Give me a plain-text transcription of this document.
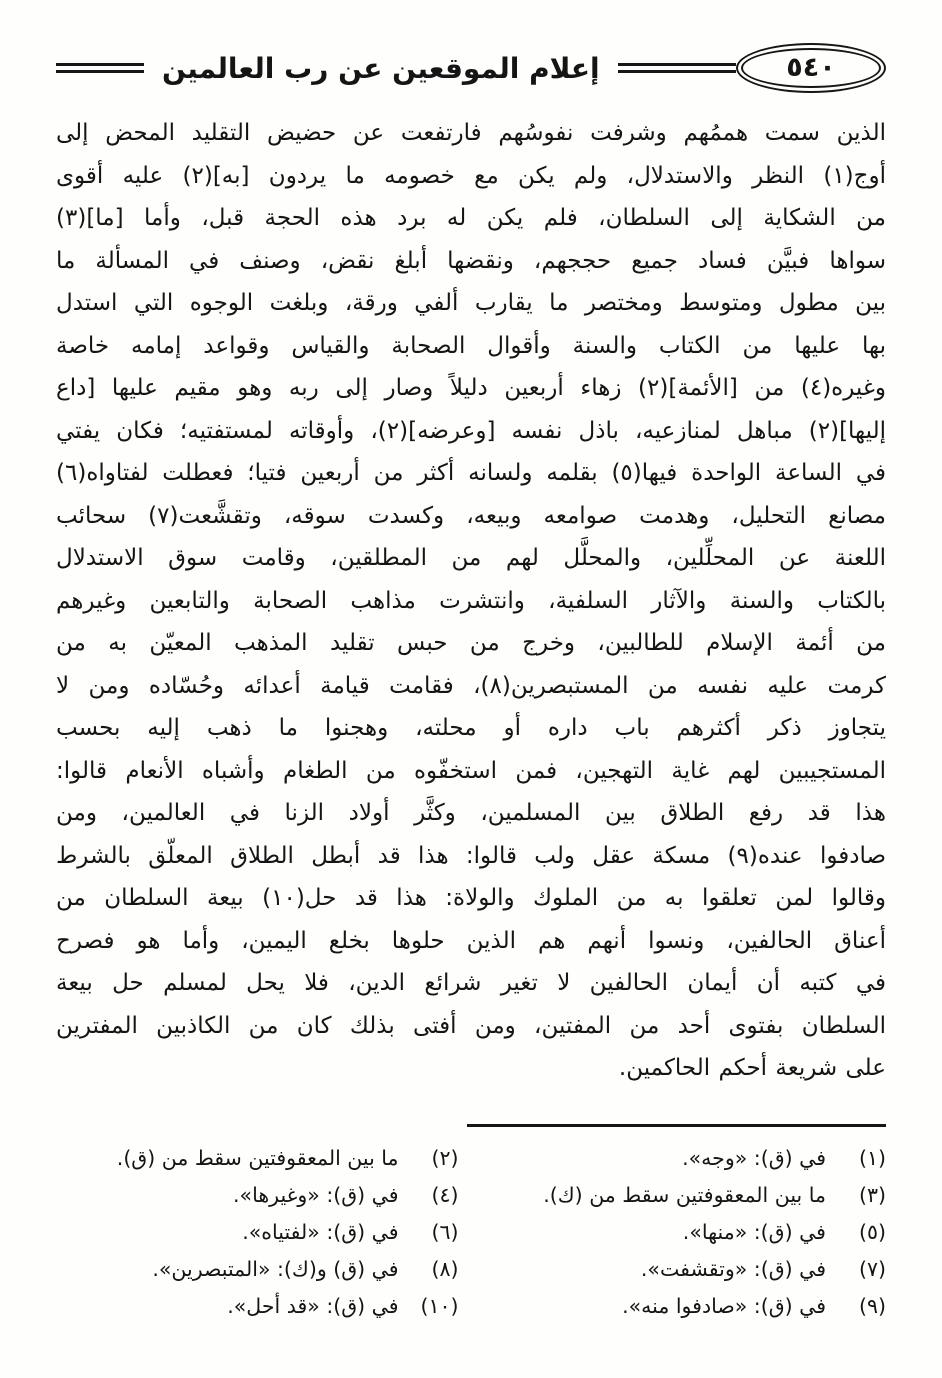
إعلام الموقعين عن رب العالمين	٥٤٠
الذين سمت هممُهم وشرفت نفوسُهم فارتفعت عن حضيض التقليد المحض إلى
أوج(١) النظر والاستدلال، ولم يكن مع خصومه ما يردون [به](٢) عليه أقوى
من الشكاية إلى السلطان، فلم يكن له برد هذه الحجة قبل، وأما [ما](٣)
سواها فبيَّن فساد جميع حججهم، ونقضها أبلغ نقض، وصنف في المسألة ما
بين مطول ومتوسط ومختصر ما يقارب ألفي ورقة، وبلغت الوجوه التي استدل
بها عليها من الكتاب والسنة وأقوال الصحابة والقياس وقواعد إمامه خاصة
وغيره(٤) من [الأئمة](٢) زهاء أربعين دليلاً وصار إلى ربه وهو مقيم عليها [داع
إليها](٢) مباهل لمنازعيه، باذل نفسه [وعرضه](٢)، وأوقاته لمستفتيه؛ فكان يفتي
في الساعة الواحدة فيها(٥) بقلمه ولسانه أكثر من أربعين فتيا؛ فعطلت لفتاواه(٦)
مصانع التحليل، وهدمت صوامعه وبيعه، وكسدت سوقه، وتقشَّعت(٧) سحائب
اللعنة عن المحلِّلين، والمحلَّل لهم من المطلقين، وقامت سوق الاستدلال
بالكتاب والسنة والآثار السلفية، وانتشرت مذاهب الصحابة والتابعين وغيرهم
من أئمة الإسلام للطالبين، وخرج من حبس تقليد المذهب المعيّن به من
كرمت عليه نفسه من المستبصرين(٨)، فقامت قيامة أعدائه وحُسّاده ومن لا
يتجاوز ذكر أكثرهم باب داره أو محلته، وهجنوا ما ذهب إليه بحسب
المستجيبين لهم غاية التهجين، فمن استخفّوه من الطغام وأشباه الأنعام قالوا:
هذا قد رفع الطلاق بين المسلمين، وكثَّر أولاد الزنا في العالمين، ومن
صادفوا عنده(٩) مسكة عقل ولب قالوا: هذا قد أبطل الطلاق المعلّق بالشرط
وقالوا لمن تعلقوا به من الملوك والولاة: هذا قد حل(١٠) بيعة السلطان من
أعناق الحالفين، ونسوا أنهم هم الذين حلوها بخلع اليمين، وأما هو فصرح
في كتبه أن أيمان الحالفين لا تغير شرائع الدين، فلا يحل لمسلم حل بيعة
السلطان بفتوى أحد من المفتين، ومن أفتى بذلك كان من الكاذبين المفترين
على شريعة أحكم الحاكمين.
(١)
في (ق): «وجه».
(٣)
ما بين المعقوفتين سقط من (ك).
(٥)
في (ق): «منها».
(٧)
في (ق): «وتقشفت».
(٩)
في (ق): «صادفوا منه».
(٢)
ما بين المعقوفتين سقط من (ق).
(٤)
في (ق): «وغيرها».
(٦)
في (ق): «لفتياه».
(٨)
في (ق) و(ك): «المتبصرين».
(١٠)
في (ق): «قد أحل».
